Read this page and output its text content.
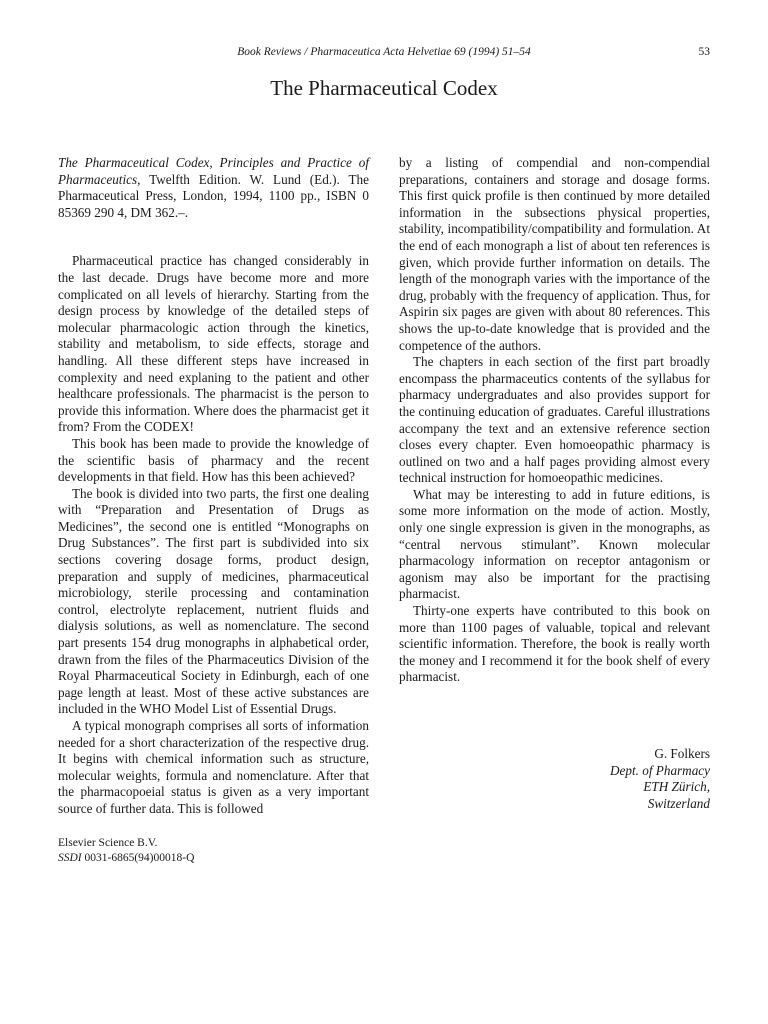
Book Reviews / Pharmaceutica Acta Helvetiae 69 (1994) 51–54	53
The Pharmaceutical Codex

The Pharmaceutical Codex, Principles and Practice of Pharmaceutics, Twelfth Edition. W. Lund (Ed.). The Pharmaceutical Press, London, 1994, 1100 pp., ISBN 0 85369 290 4, DM 362.–.

Pharmaceutical practice has changed considerably in the last decade. Drugs have become more and more complicated on all levels of hierarchy. Starting from the design process by knowledge of the detailed steps of molecular pharmacologic action through the kinetics, stability and metabolism, to side effects, storage and handling. All these different steps have increased in complexity and need explaning to the patient and other healthcare professionals. The pharmacist is the person to provide this information. Where does the pharmacist get it from? From the CODEX!

This book has been made to provide the knowledge of the scientific basis of pharmacy and the recent developments in that field. How has this been achieved?

The book is divided into two parts, the first one dealing with “Preparation and Presentation of Drugs as Medicines”, the second one is entitled “Monographs on Drug Substances”. The first part is subdivided into six sections covering dosage forms, product design, preparation and supply of medicines, pharmaceutical microbiology, sterile processing and contamination control, electrolyte replacement, nutrient fluids and dialysis solutions, as well as nomenclature. The second part presents 154 drug monographs in alphabetical order, drawn from the files of the Pharmaceutics Division of the Royal Pharmaceutical Society in Edinburgh, each of one page length at least. Most of these active substances are included in the WHO Model List of Essential Drugs.

A typical monograph comprises all sorts of information needed for a short characterization of the respective drug. It begins with chemical information such as structure, molecular weights, formula and nomenclature. After that the pharmacopoeial status is given as a very important source of further data. This is followed

by a listing of compendial and non-compendial preparations, containers and storage and dosage forms. This first quick profile is then continued by more detailed information in the subsections physical properties, stability, incompatibility/compatibility and formulation. At the end of each monograph a list of about ten references is given, which provide further information on details. The length of the monograph varies with the importance of the drug, probably with the frequency of application. Thus, for Aspirin six pages are given with about 80 references. This shows the up-to-date knowledge that is provided and the competence of the authors.

The chapters in each section of the first part broadly encompass the pharmaceutics contents of the syllabus for pharmacy undergraduates and also provides support for the continuing education of graduates. Careful illustrations accompany the text and an extensive reference section closes every chapter. Even homoeopathic pharmacy is outlined on two and a half pages providing almost every technical instruction for homoeopathic medicines.

What may be interesting to add in future editions, is some more information on the mode of action. Mostly, only one single expression is given in the monographs, as “central nervous stimulant”. Known molecular pharmacology information on receptor antagonism or agonism may also be important for the practising pharmacist.

Thirty-one experts have contributed to this book on more than 1100 pages of valuable, topical and relevant scientific information. Therefore, the book is really worth the money and I recommend it for the book shelf of every pharmacist.

G. Folkers
Dept. of Pharmacy
ETH Zürich,
Switzerland
Elsevier Science B.V.
SSDI 0031-6865(94)00018-Q
